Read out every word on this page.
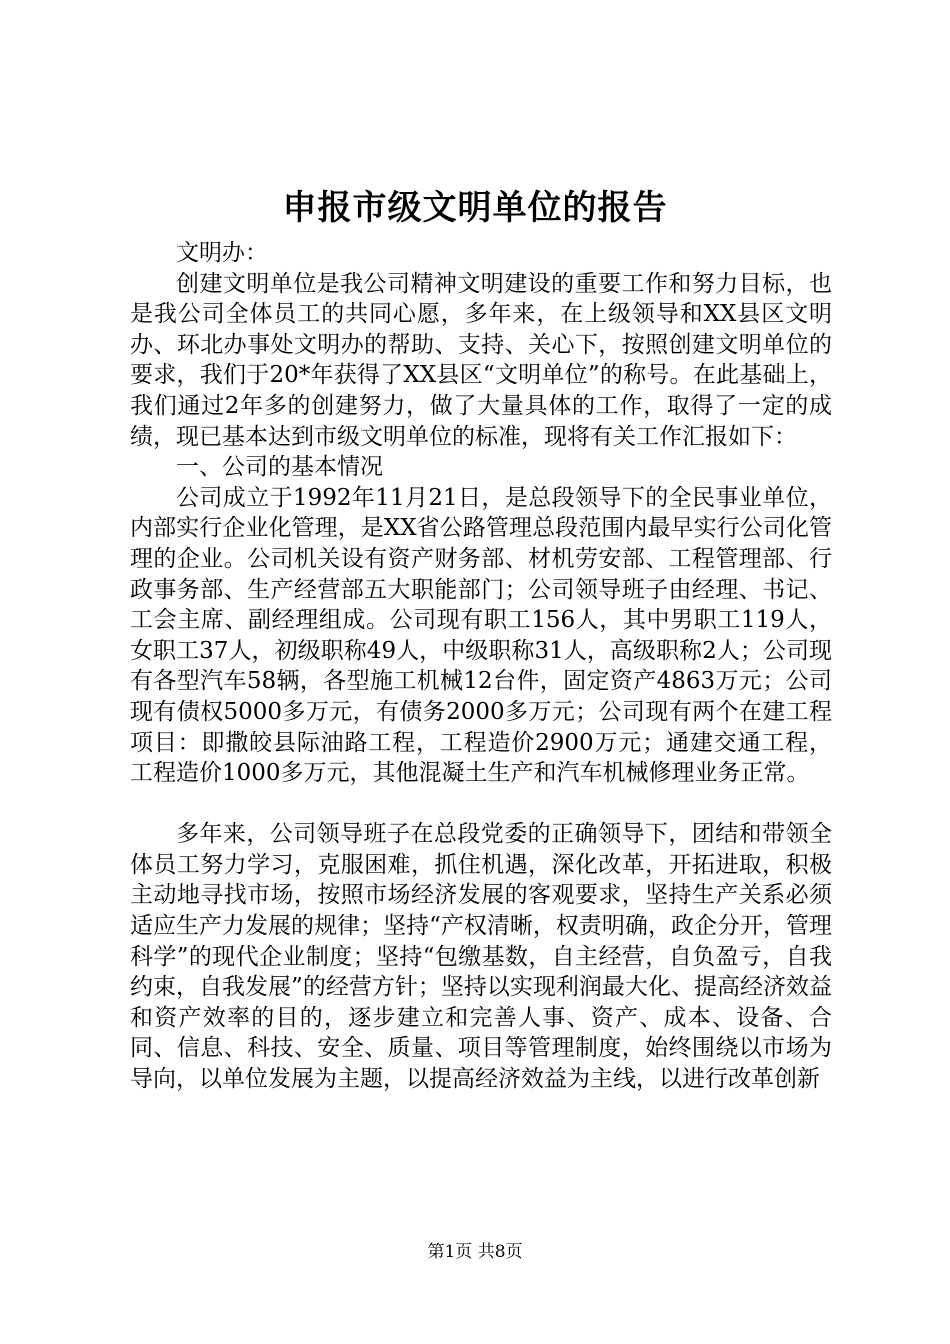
申报市级文明单位的报告

文明办：

创建文明单位是我公司精神文明建设的重要工作和努力目标，也是我公司全体员工的共同心愿，多年来，在上级领导和XX县区文明办、环北办事处文明办的帮助、支持、关心下，按照创建文明单位的要求，我们于20*年获得了XX县区“文明单位”的称号。在此基础上，我们通过2年多的创建努力，做了大量具体的工作，取得了一定的成绩，现已基本达到市级文明单位的标准，现将有关工作汇报如下：

一、公司的基本情况

公司成立于1992年11月21日，是总段领导下的全民事业单位，内部实行企业化管理，是XX省公路管理总段范围内最早实行公司化管理的企业。公司机关设有资产财务部、材机劳安部、工程管理部、行政事务部、生产经营部五大职能部门；公司领导班子由经理、书记、工会主席、副经理组成。公司现有职工156人，其中男职工119人，女职工37人，初级职称49人，中级职称31人，高级职称2人；公司现有各型汽车58辆，各型施工机械12台件，固定资产4863万元；公司现有债权5000多万元，有债务2000多万元；公司现有两个在建工程项目：即撒皎县际油路工程，工程造价2900万元；通建交通工程，工程造价1000多万元，其他混凝土生产和汽车机械修理业务正常。

多年来，公司领导班子在总段党委的正确领导下，团结和带领全体员工努力学习，克服困难，抓住机遇，深化改革，开拓进取，积极主动地寻找市场，按照市场经济发展的客观要求，坚持生产关系必须适应生产力发展的规律；坚持“产权清晰，权责明确，政企分开，管理科学”的现代企业制度；坚持“包缴基数，自主经营，自负盈亏，自我约束，自我发展”的经营方针；坚持以实现利润最大化、提高经济效益和资产效率的目的，逐步建立和完善人事、资产、成本、设备、合同、信息、科技、安全、质量、项目等管理制度，始终围绕以市场为导向，以单位发展为主题，以提高经济效益为主线，以进行改革创新

第1页 共8页
